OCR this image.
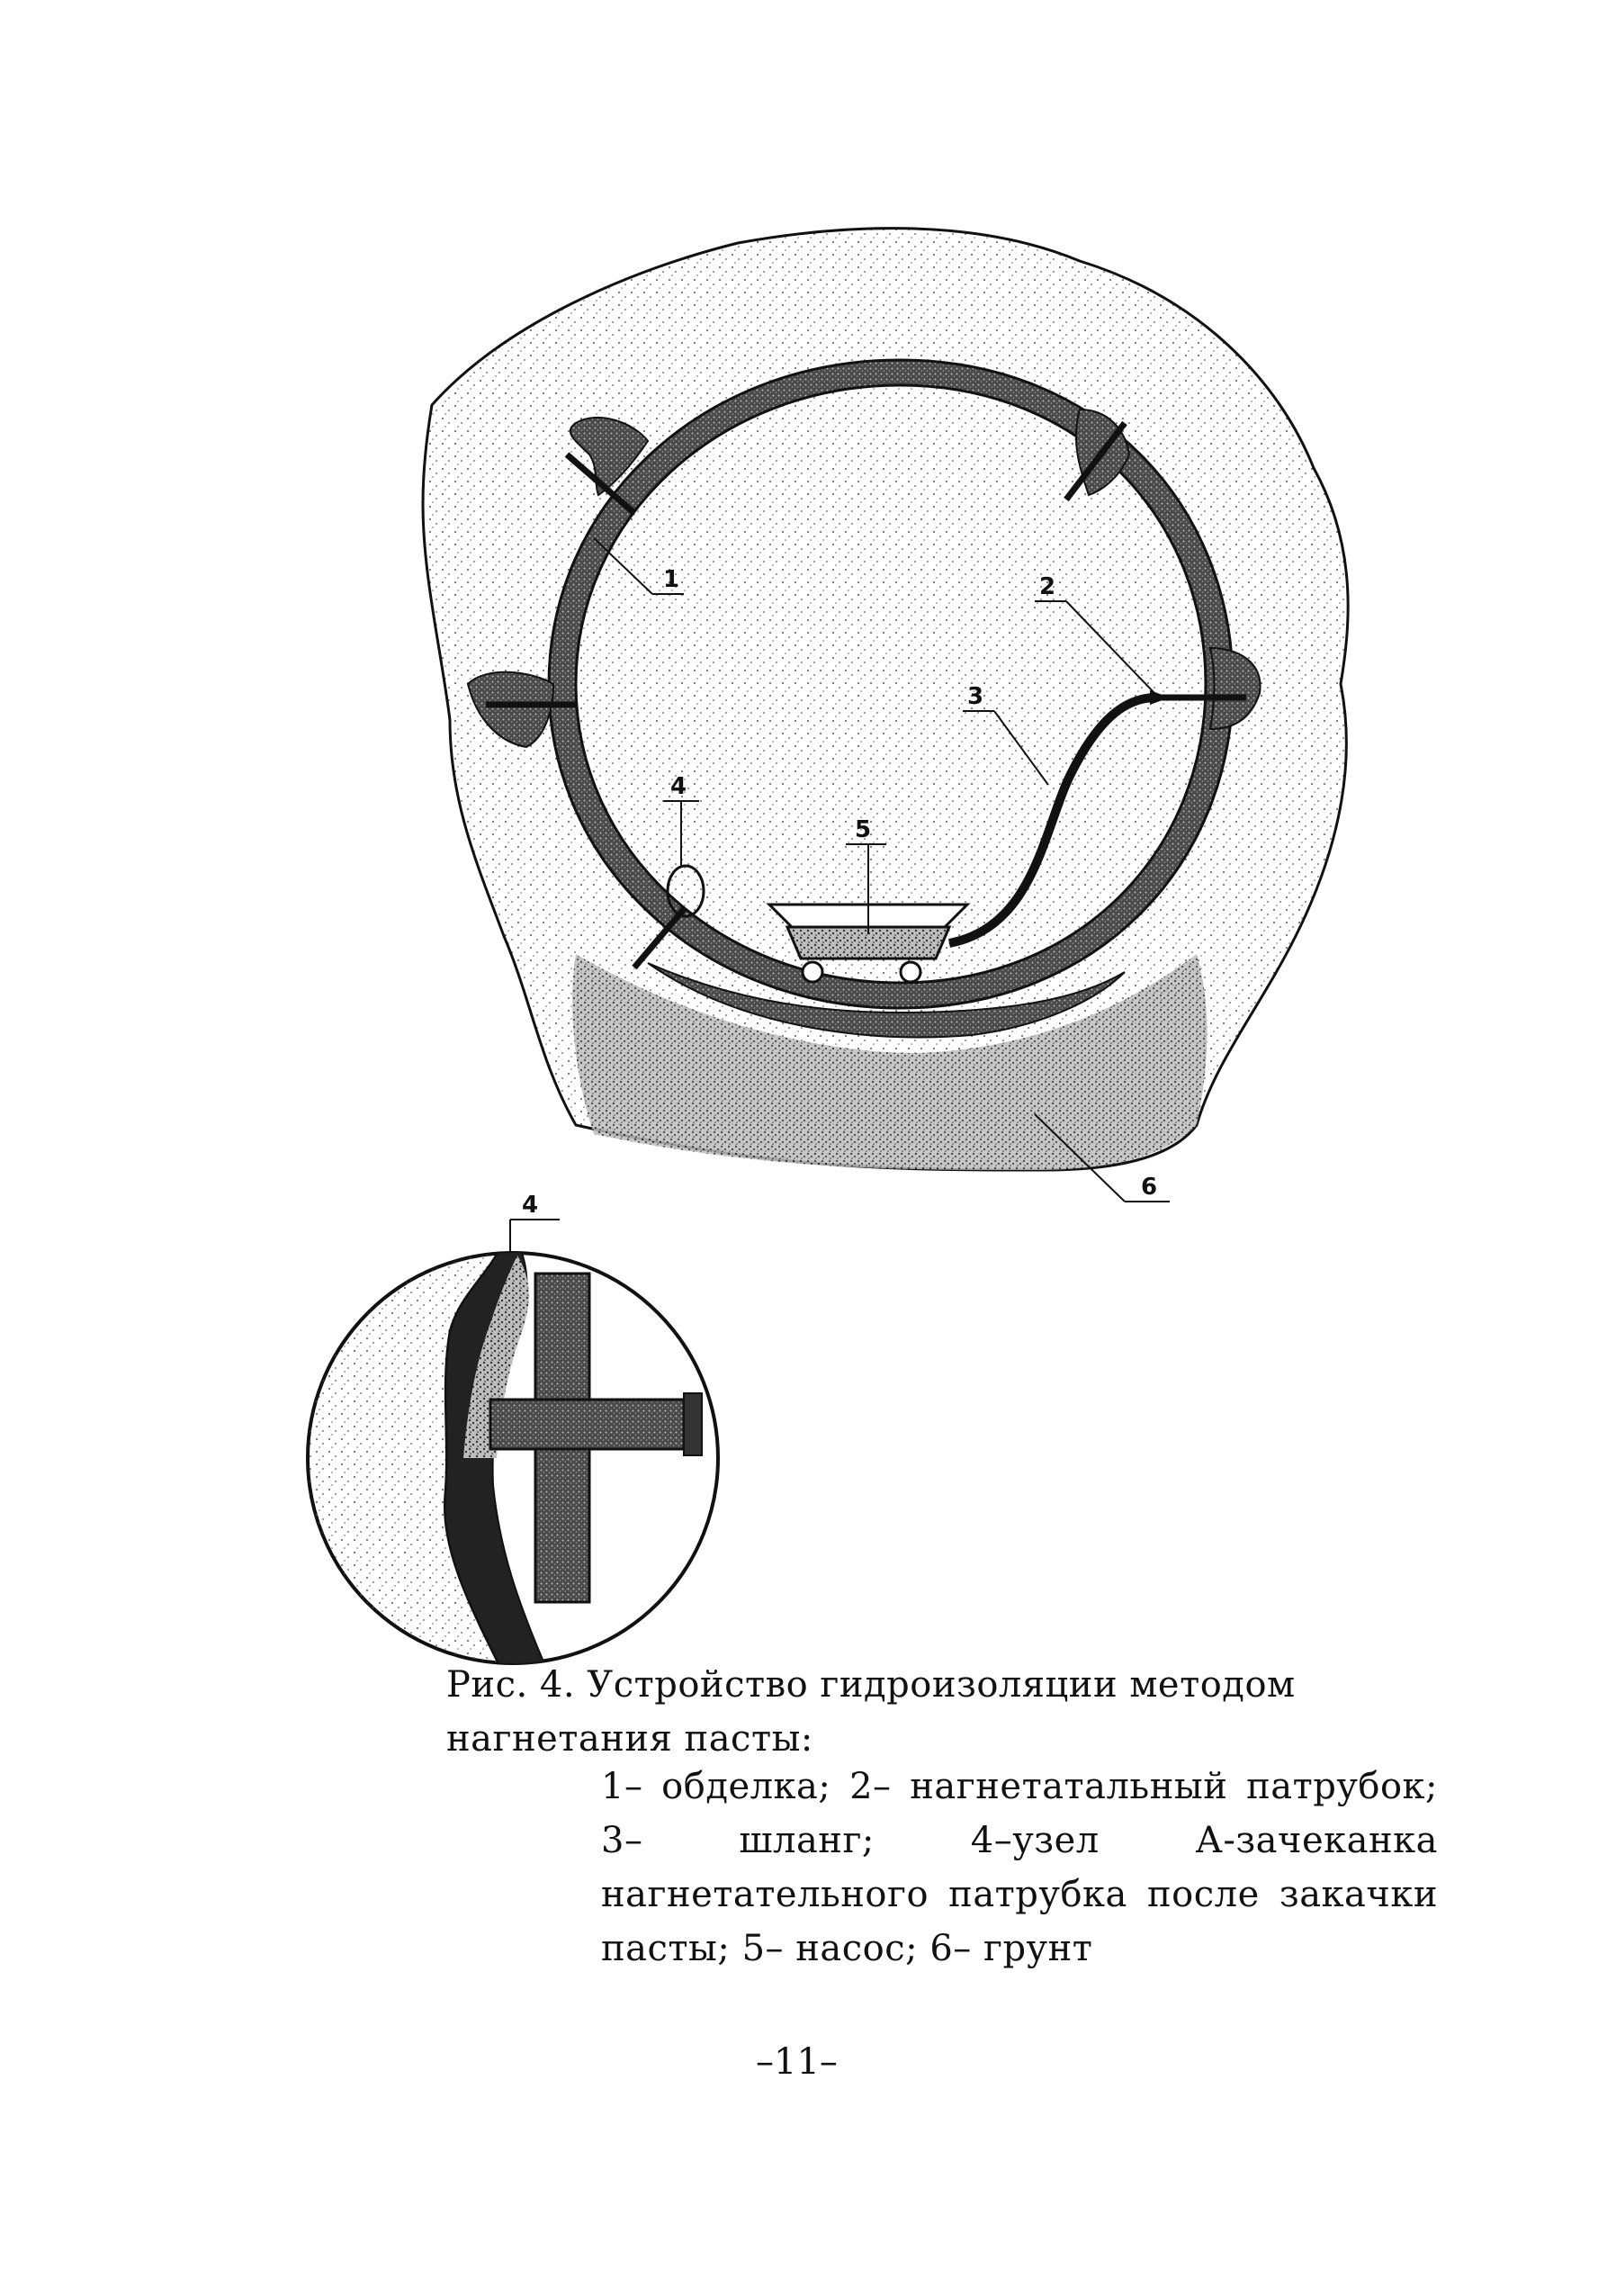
1	2
3
4
5
6
4
Рис. 4. Устройство гидроизоляции методом нагнетания пасты:
1– обделка; 2– нагнетатальный патрубок; 3– шланг; 4–узел А-зачеканка нагнетательного патрубка после закачки пасты; 5– насос; 6– грунт
–11–
